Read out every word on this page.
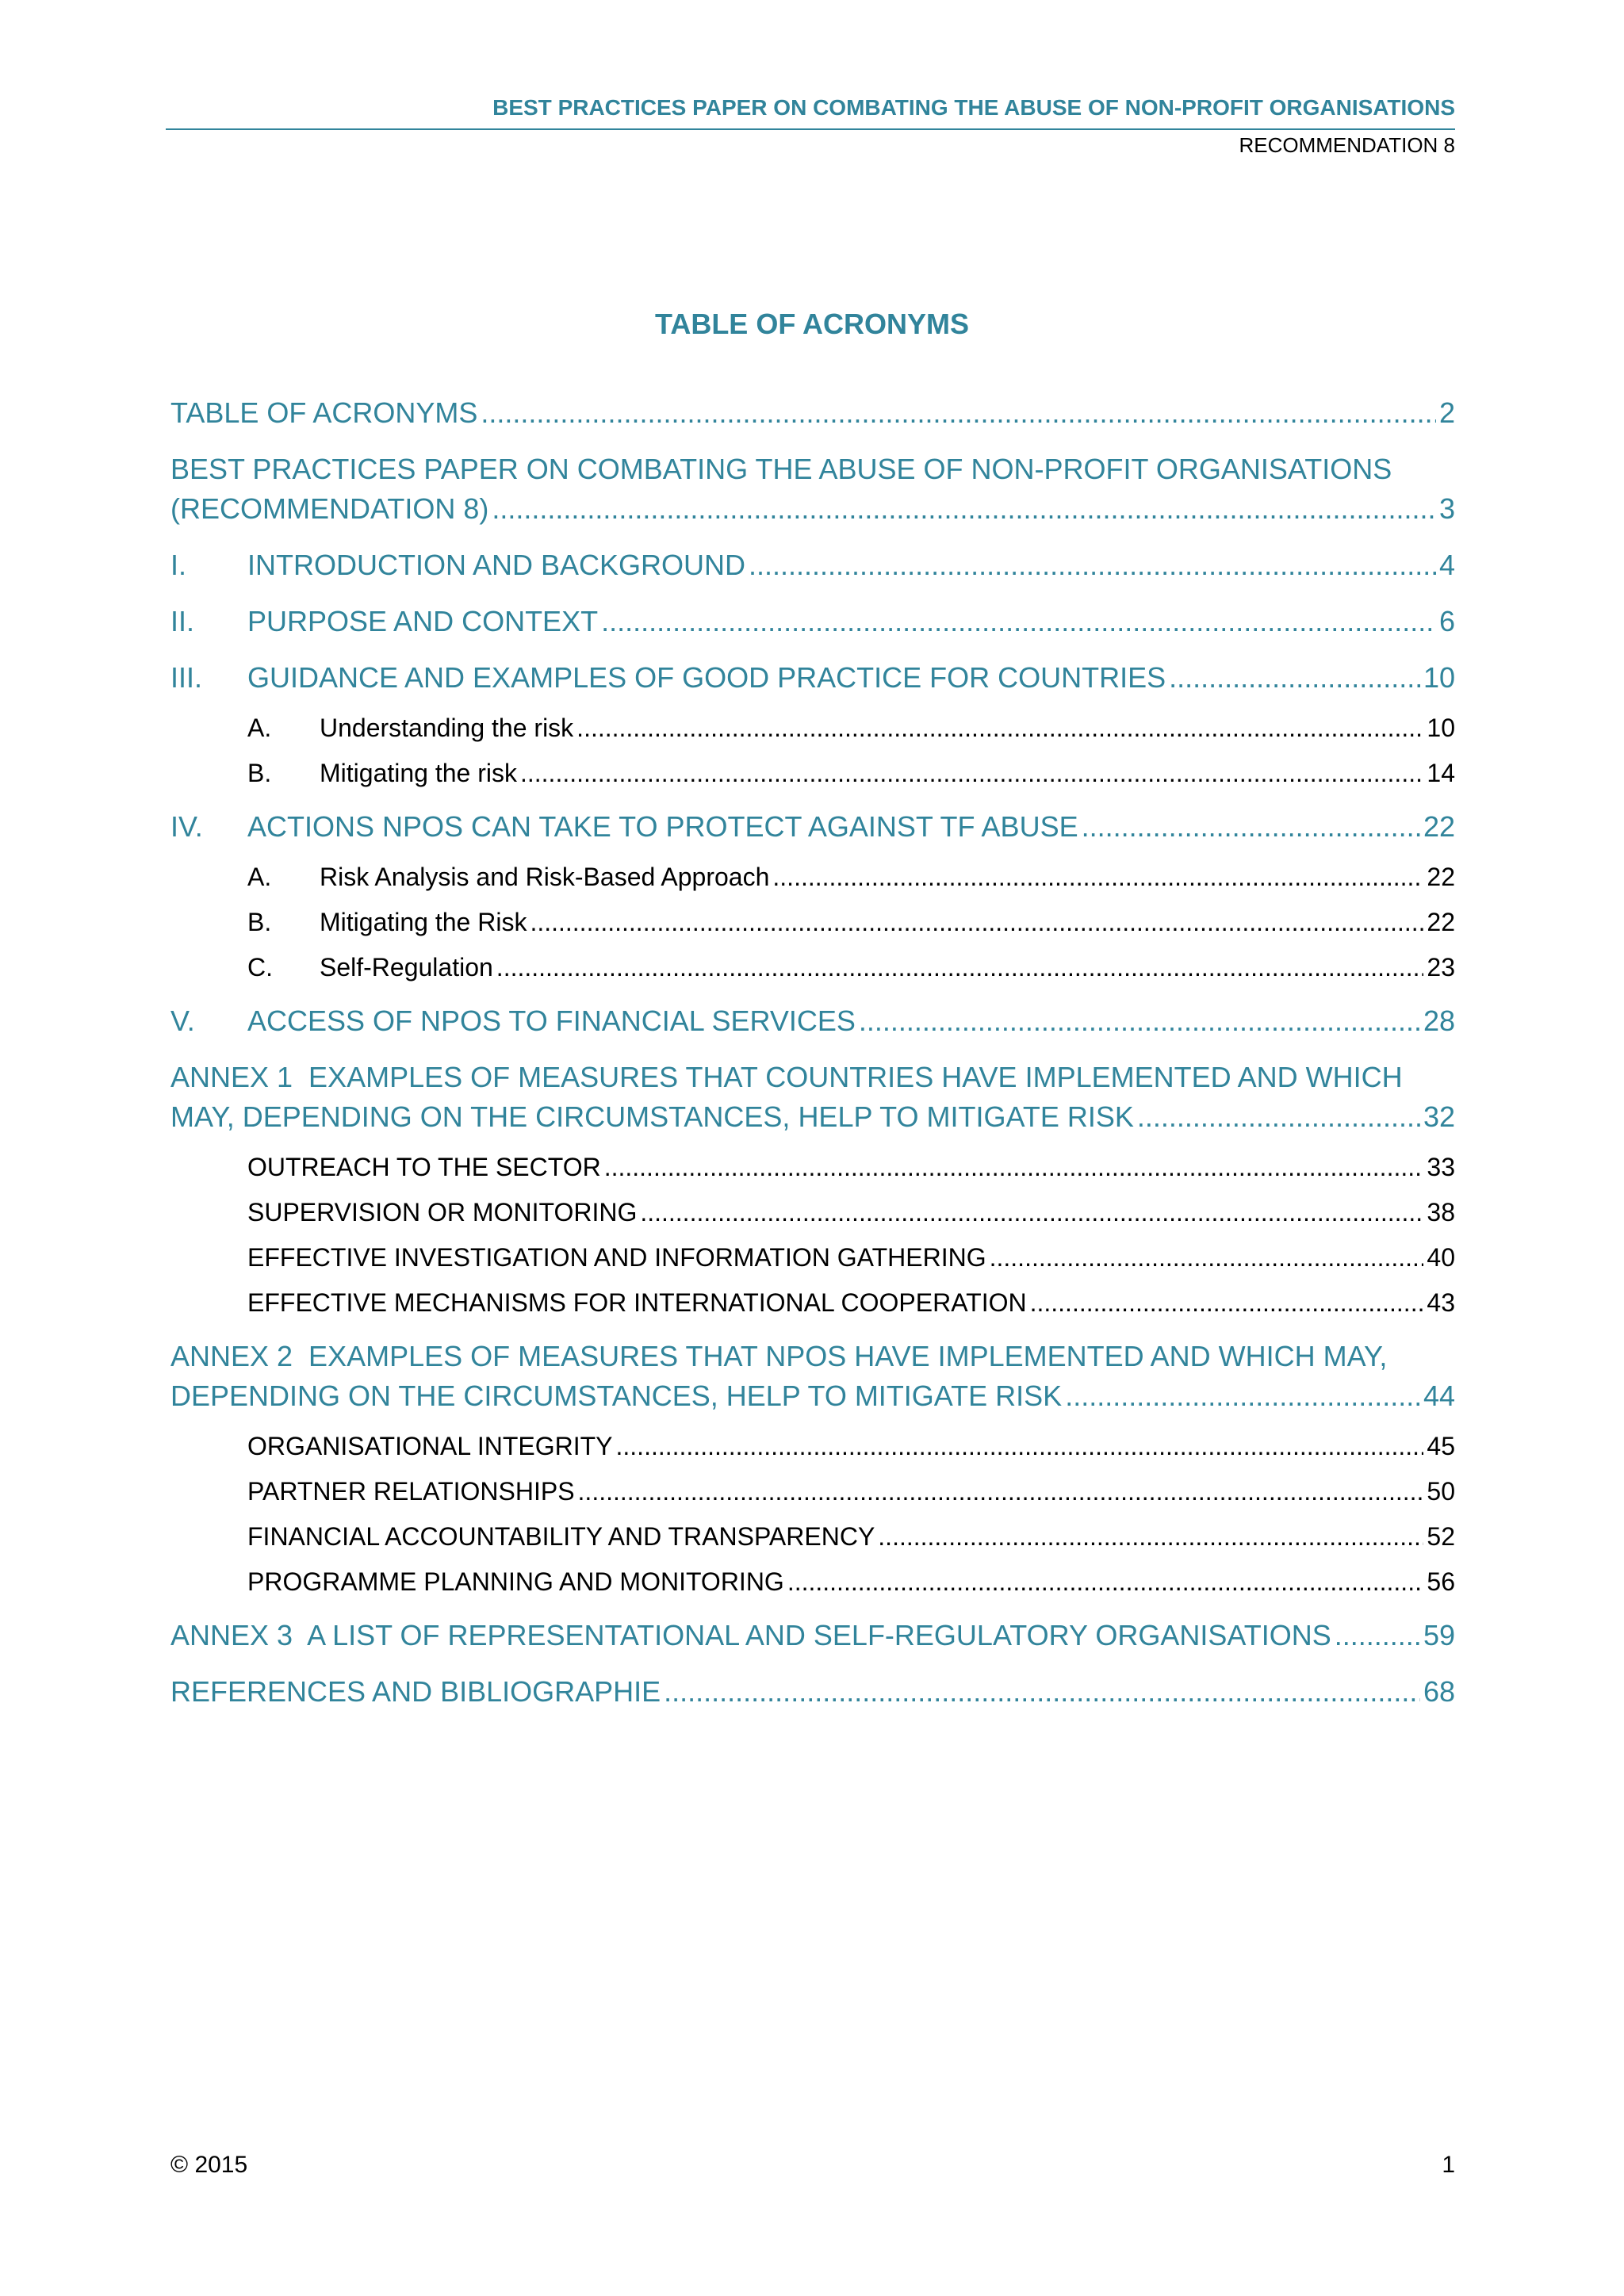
BEST PRACTICES PAPER ON COMBATING THE ABUSE OF NON-PROFIT ORGANISATIONS
RECOMMENDATION 8
TABLE OF ACRONYMS
TABLE OF ACRONYMS .....	2
BEST PRACTICES PAPER ON COMBATING THE ABUSE OF NON-PROFIT ORGANISATIONS
(RECOMMENDATION 8) .....	3
I. INTRODUCTION AND BACKGROUND .....	4
II. PURPOSE AND CONTEXT .....	6
III. GUIDANCE AND EXAMPLES OF GOOD PRACTICE FOR COUNTRIES .....	10
A. Understanding the risk .....	10
B. Mitigating the risk .....	14
IV. ACTIONS NPOS CAN TAKE TO PROTECT AGAINST TF ABUSE .....	22
A. Risk Analysis and Risk-Based Approach .....	22
B. Mitigating the Risk .....	22
C. Self-Regulation .....	23
V. ACCESS OF NPOS TO FINANCIAL SERVICES .....	28
ANNEX 1  EXAMPLES OF MEASURES THAT COUNTRIES HAVE IMPLEMENTED AND WHICH
MAY, DEPENDING ON THE CIRCUMSTANCES, HELP TO MITIGATE RISK .....	32
OUTREACH TO THE SECTOR .....	33
SUPERVISION OR MONITORING .....	38
EFFECTIVE INVESTIGATION AND INFORMATION GATHERING .....	40
EFFECTIVE MECHANISMS FOR INTERNATIONAL COOPERATION .....	43
ANNEX 2  EXAMPLES OF MEASURES THAT NPOS HAVE IMPLEMENTED AND WHICH MAY,
DEPENDING ON THE CIRCUMSTANCES, HELP TO MITIGATE RISK .....	44
ORGANISATIONAL INTEGRITY .....	45
PARTNER RELATIONSHIPS .....	50
FINANCIAL ACCOUNTABILITY AND TRANSPARENCY .....	52
PROGRAMME PLANNING AND MONITORING .....	56
ANNEX 3  A LIST OF REPRESENTATIONAL AND SELF-REGULATORY ORGANISATIONS .....	59
REFERENCES AND BIBLIOGRAPHIE .....	68
© 2015	1
